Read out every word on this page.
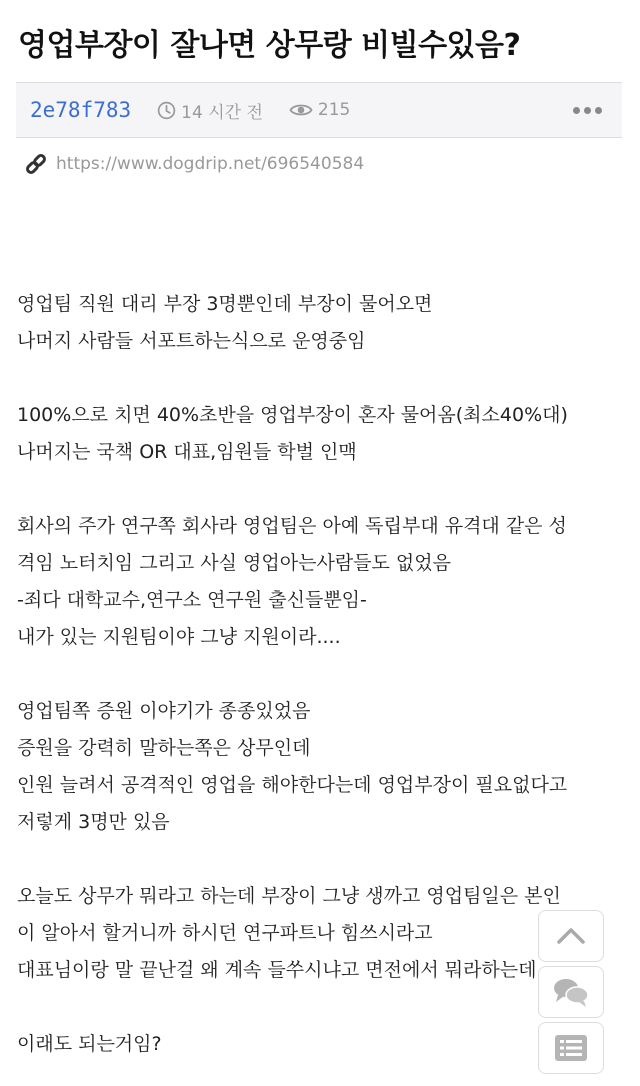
영업부장이 잘나면 상무랑 비빌수있음?
2e78f783	14 시간 전	215
https://www.dogdrip.net/696540584
영업팀 직원 대리 부장 3명뿐인데 부장이 물어오면
나머지 사람들 서포트하는식으로 운영중임
100%으로 치면 40%초반을 영업부장이 혼자 물어옴(최소40%대)
나머지는 국책 OR 대표,임원들 학벌 인맥
회사의 주가 연구쪽 회사라 영업팀은 아예 독립부대 유격대 같은 성
격임 노터치임 그리고 사실 영업아는사람들도 없었음
-죄다 대학교수,연구소 연구원 출신들뿐임-
내가 있는 지원팀이야 그냥 지원이라....
영업팀쪽 증원 이야기가 종종있었음
증원을 강력히 말하는쪽은 상무인데
인원 늘려서 공격적인 영업을 해야한다는데 영업부장이 필요없다고
저렇게 3명만 있음
오늘도 상무가 뭐라고 하는데 부장이 그냥 생까고 영업팀일은 본인
이 알아서 할거니까 하시던 연구파트나 힘쓰시라고
대표님이랑 말 끝난걸 왜 계속 들쑤시냐고 면전에서 뭐라하는데
이래도 되는거임?
